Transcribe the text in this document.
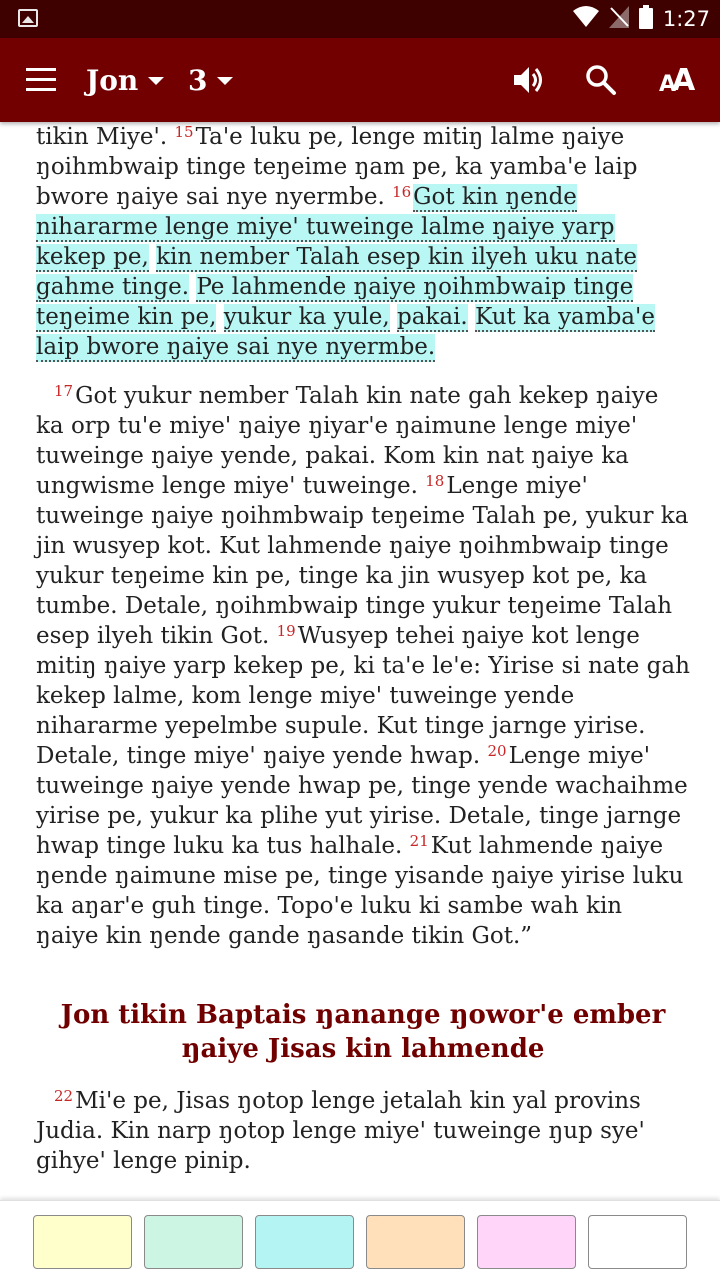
1:27
Jon 3	A
A

tikin Miye'. $^{15}$Ta'e luku pe, lenge mitiŋ lalme ŋaiye ŋoihmbwaip tinge teŋeime ŋam pe, ka yamba'e laip bwore ŋaiye sai nye nyermbe. $^{16}$Got kin ŋende nihararme lenge miye' tuweinge lalme ŋaiye yarp kekep pe, kin nember Talah esep kin ilyeh uku nate gahme tinge. Pe lahmende ŋaiye ŋoihmbwaip tinge teŋeime kin pe, yukur ka yule, pakai. Kut ka yamba'e laip bwore ŋaiye sai nye nyermbe.

$^{17}$Got yukur nember Talah kin nate gah kekep ŋaiye ka orp tu'e miye' ŋaiye ŋiyar'e ŋaimune lenge miye' tuweinge ŋaiye yende, pakai. Kom kin nat ŋaiye ka ungwisme lenge miye' tuweinge. $^{18}$Lenge miye' tuweinge ŋaiye ŋoihmbwaip teŋeime Talah pe, yukur ka jin wusyep kot. Kut lahmende ŋaiye ŋoihmbwaip tinge yukur teŋeime kin pe, tinge ka jin wusyep kot pe, ka tumbe. Detale, ŋoihmbwaip tinge yukur teŋeime Talah esep ilyeh tikin Got. $^{19}$Wusyep tehei ŋaiye kot lenge mitiŋ ŋaiye yarp kekep pe, ki ta'e le'e: Yirise si nate gah kekep lalme, kom lenge miye' tuweinge yende nihararme yepelmbe supule. Kut tinge jarnge yirise. Detale, tinge miye' ŋaiye yende hwap. $^{20}$Lenge miye' tuweinge ŋaiye yende hwap pe, tinge yende wachaihme yirise pe, yukur ka plihe yut yirise. Detale, tinge jarnge hwap tinge luku ka tus halhale. $^{21}$Kut lahmende ŋaiye ŋende ŋaimune mise pe, tinge yisande ŋaiye yirise luku ka aŋar'e guh tinge. Topo'e luku ki sambe wah kin ŋaiye kin ŋende gande ŋasande tikin Got.”

Jon tikin Baptais ŋanange ŋowor'e ember ŋaiye Jisas kin lahmende

$^{22}$Mi'e pe, Jisas ŋotop lenge jetalah kin yal provins Judia. Kin narp ŋotop lenge miye' tuweinge ŋup sye' gihye' lenge pinip.
